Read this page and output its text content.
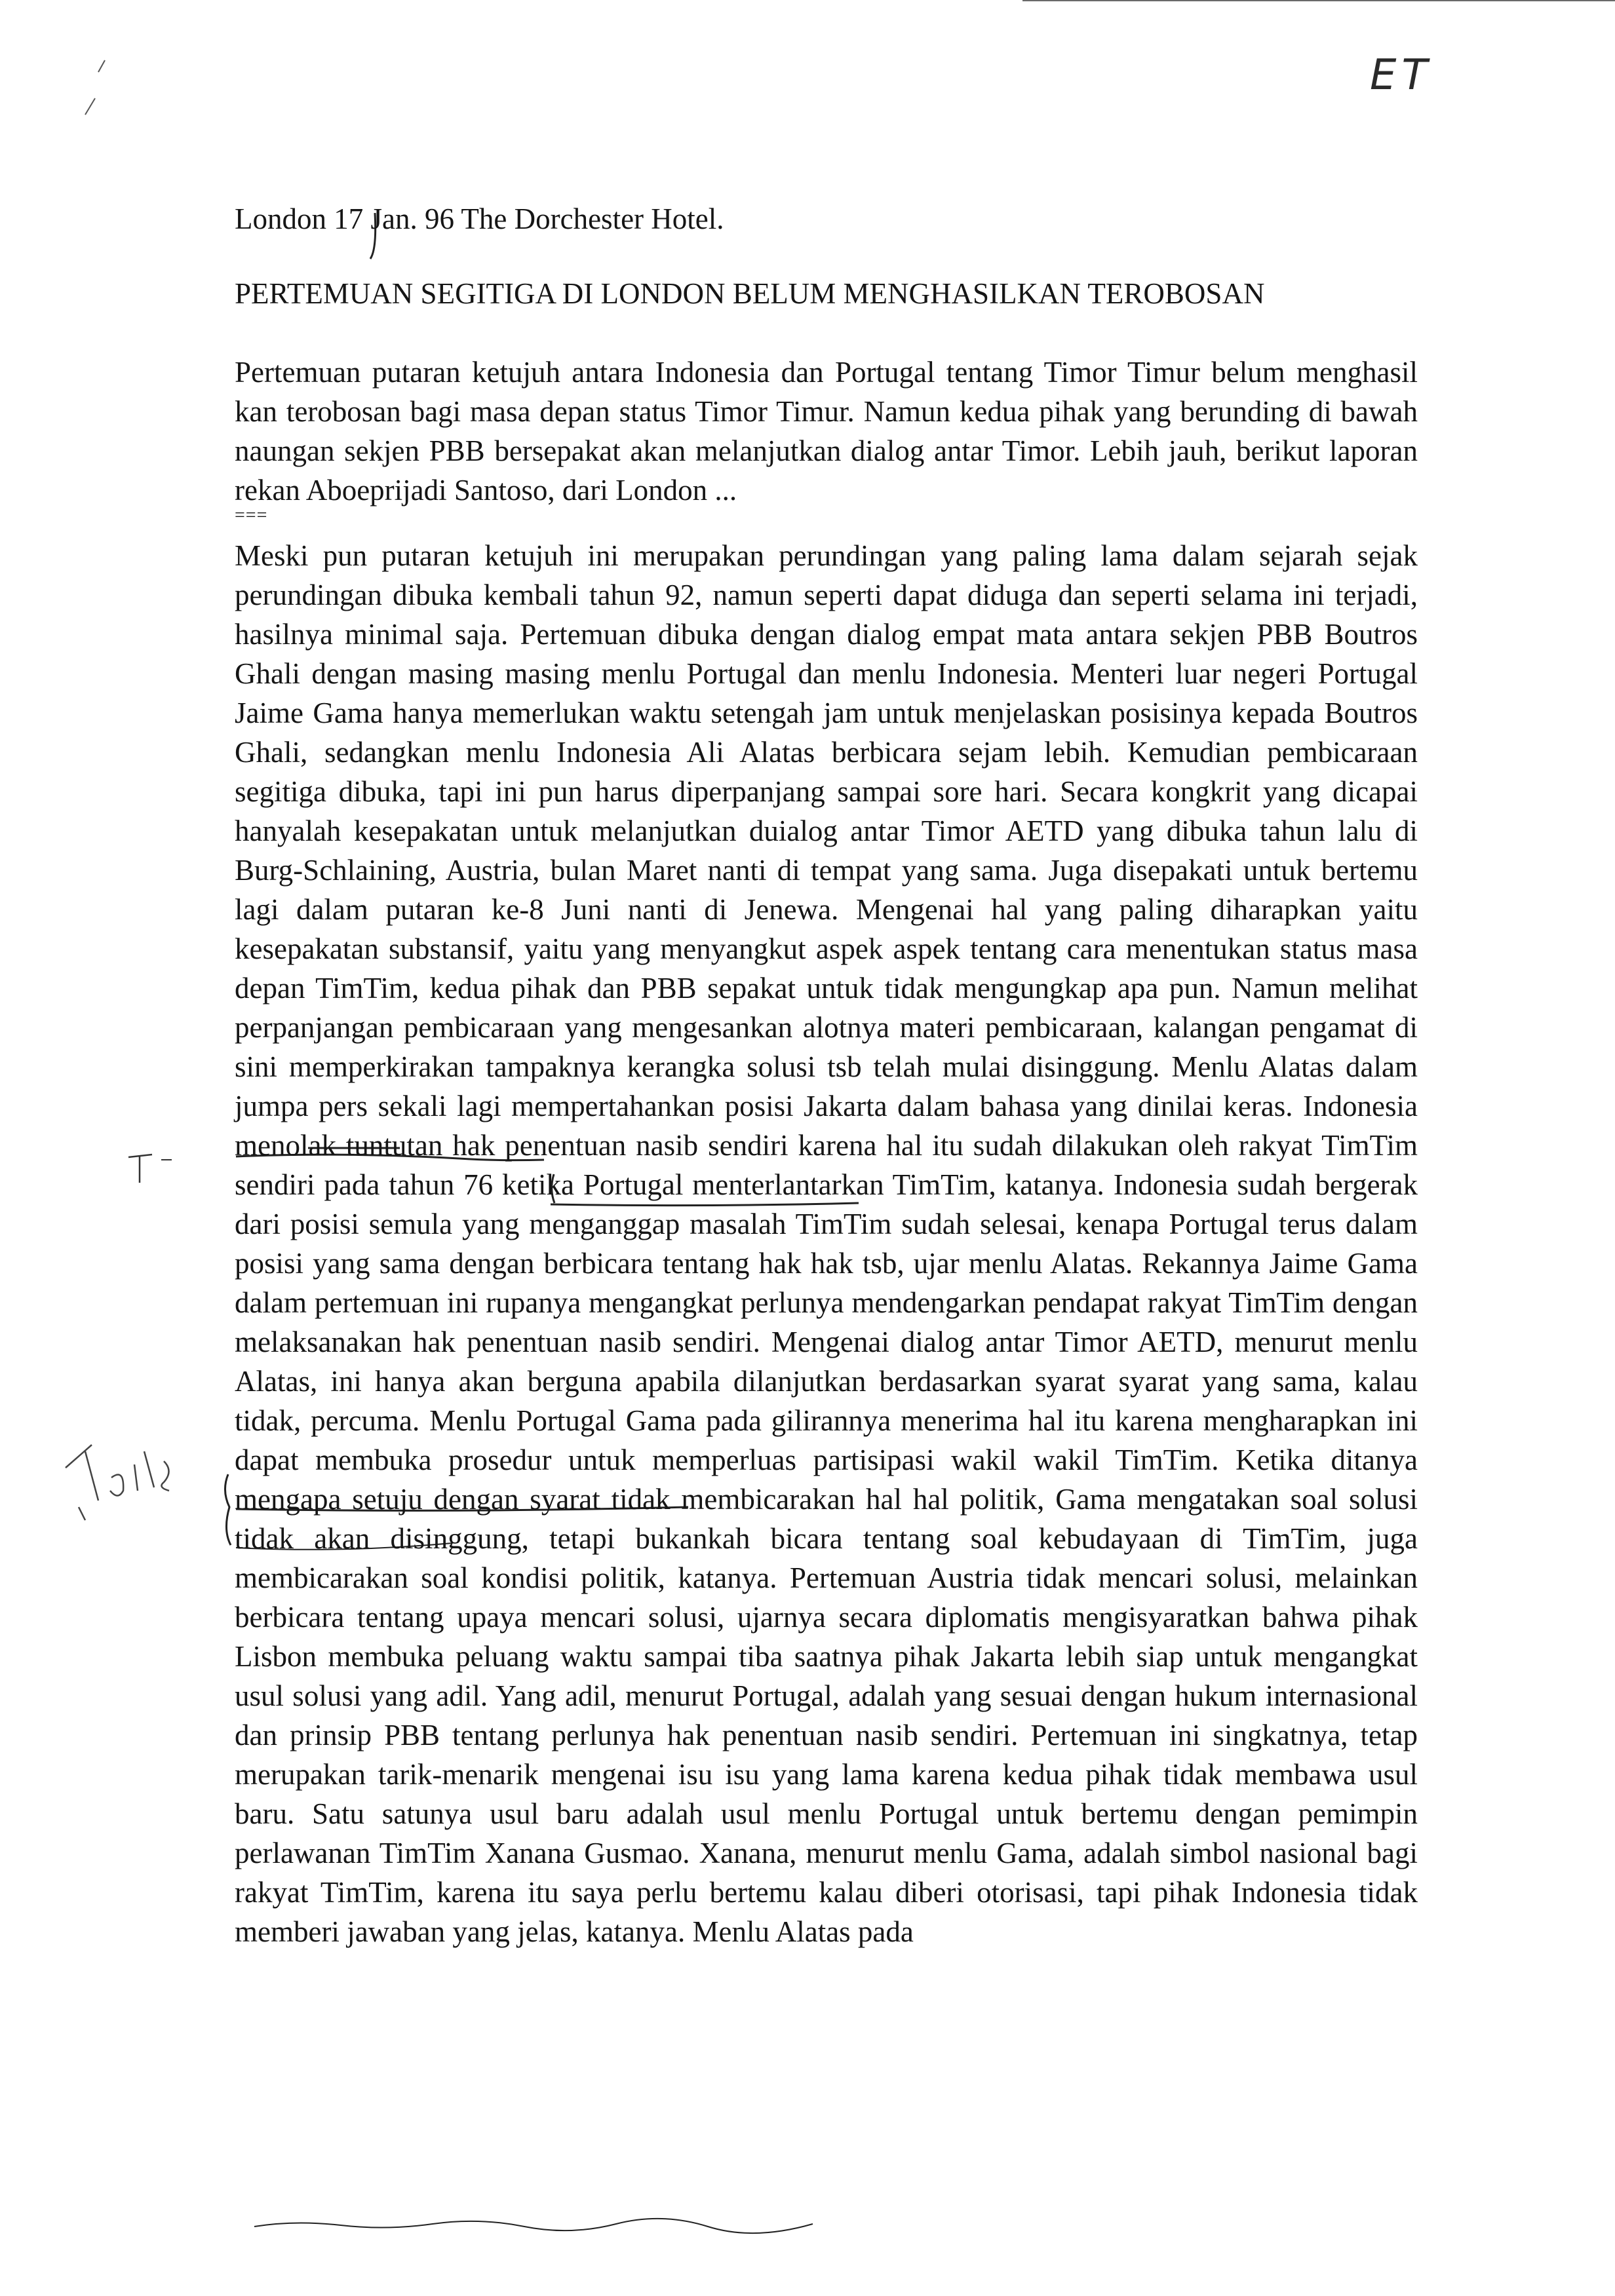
ET

London 17 Jan. 96 The Dorchester Hotel.

PERTEMUAN SEGITIGA DI LONDON BELUM MENGHASILKAN TEROBOSAN

Pertemuan putaran ketujuh antara Indonesia dan Portugal tentang Timor Timur belum menghasil kan terobosan bagi masa depan status Timor Timur. Namun kedua pihak yang berunding di bawah naungan sekjen PBB bersepakat akan melanjutkan dialog antar Timor. Lebih jauh, berikut laporan rekan Aboeprijadi Santoso, dari London ...

===

Meski pun putaran ketujuh ini merupakan perundingan yang paling lama dalam sejarah sejak perundingan dibuka kembali tahun 92, namun seperti dapat diduga dan seperti selama ini terjadi, hasilnya minimal saja. Pertemuan dibuka dengan dialog empat mata antara sekjen PBB Boutros Ghali dengan masing masing menlu Portugal dan menlu Indonesia. Menteri luar negeri Portugal Jaime Gama hanya memerlukan waktu setengah jam untuk menjelaskan posisinya kepada Boutros Ghali, sedangkan menlu Indonesia Ali Alatas berbicara sejam lebih. Kemudian pembicaraan segitiga dibuka, tapi ini pun harus diperpanjang sampai sore hari. Secara kongkrit yang dicapai hanyalah kesepakatan untuk melanjutkan duialog antar Timor AETD yang dibuka tahun lalu di Burg-Schlaining, Austria, bulan Maret nanti di tempat yang sama. Juga disepakati untuk bertemu lagi dalam putaran ke-8 Juni nanti di Jenewa. Mengenai hal yang paling diharapkan yaitu kesepakatan substansif, yaitu yang menyangkut aspek aspek tentang cara menentukan status masa depan TimTim, kedua pihak dan PBB sepakat untuk tidak mengungkap apa pun. Namun melihat perpanjangan pembicaraan yang mengesankan alotnya materi pembicaraan, kalangan pengamat di sini memperkirakan tampaknya kerangka solusi tsb telah mulai disinggung. Menlu Alatas dalam jumpa pers sekali lagi mempertahankan posisi Jakarta dalam bahasa yang dinilai keras. Indonesia menolak tuntutan hak penentuan nasib sendiri karena hal itu sudah dilakukan oleh rakyat TimTim sendiri pada tahun 76 ketika Portugal menterlantarkan TimTim, katanya. Indonesia sudah bergerak dari posisi semula yang menganggap masalah TimTim sudah selesai, kenapa Portugal terus dalam posisi yang sama dengan berbicara tentang hak hak tsb, ujar menlu Alatas. Rekannya Jaime Gama dalam pertemuan ini rupanya mengangkat perlunya mendengarkan pendapat rakyat TimTim dengan melaksanakan hak penentuan nasib sendiri. Mengenai dialog antar Timor AETD, menurut menlu Alatas, ini hanya akan berguna apabila dilanjutkan berdasarkan syarat syarat yang sama, kalau tidak, percuma. Menlu Portugal Gama pada gilirannya menerima hal itu karena mengharapkan ini dapat membuka prosedur untuk memperluas partisipasi wakil wakil TimTim. Ketika ditanya mengapa setuju dengan syarat tidak membicarakan hal hal politik, Gama mengatakan soal solusi tidak akan disinggung, tetapi bukankah bicara tentang soal kebudayaan di TimTim, juga membicarakan soal kondisi politik, katanya. Pertemuan Austria tidak mencari solusi, melainkan berbicara tentang upaya mencari solusi, ujarnya secara diplomatis mengisyaratkan bahwa pihak Lisbon membuka peluang waktu sampai tiba saatnya pihak Jakarta lebih siap untuk mengangkat usul solusi yang adil. Yang adil, menurut Portugal, adalah yang sesuai dengan hukum internasional dan prinsip PBB tentang perlunya hak penentuan nasib sendiri. Pertemuan ini singkatnya, tetap merupakan tarik-menarik mengenai isu isu yang lama karena kedua pihak tidak membawa usul baru. Satu satunya usul baru adalah usul menlu Portugal untuk bertemu dengan pemimpin perlawanan TimTim Xanana Gusmao. Xanana, menurut menlu Gama, adalah simbol nasional bagi rakyat TimTim, karena itu saya perlu bertemu kalau diberi otorisasi, tapi pihak Indonesia tidak memberi jawaban yang jelas, katanya. Menlu Alatas pada
